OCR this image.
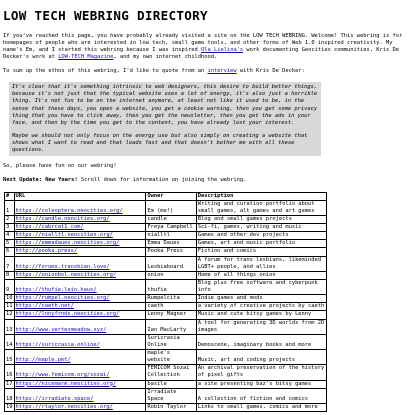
LOW TECH WEBRING DIRECTORY

If you've reached this page, you have probably already visited a site on the LOW TECH WEBRING. Welcome! This webring is for homepages of people who are interested in low tech, small game tools, and other forms of Web 1.0 inspired creativity. My name's Em, and I started this webring because I was inspired Ola Lielina's work documenting Geocities communities, Kris De Decker's work at LOW-TECH Magazine, and my own internet childhood.

To sum up the ethos of this webring, I'd like to quote from an interview with Kris De Decker:

It's clear that it's something intrinsic to web designers, this desire to build better things, because it's not just that the typical website uses a lot of energy, it's also just a horrible thing. It's not fun to be on the internet anymore, at least not like it used to be, in the sense that these days, you open a website, you get a cookie warning, then you get some privacy thing that you have to click away, then you get the newsletter, then you get the ads in your face, and then by the time you get to the content, you have already lost your interest.

Maybe we should not only focus on the energy use but also simply on creating a website that shows what I want to read and that loads fast and that doesn't bother me with all these questions.

So, please have fun on our webring!

Next Update: New Years! Scroll down for information on joining the webring.

#	URL	Owner	Description
1	https://coleoptera.neocities.org/	Em (me!)	Writing and curation portfolio about small games, alt games and art games
2	https://candle.neocities.org/	candle	Blog and small games projects
3	https://cabrcat1.com/	Freya Campbell	Sci-fi, games, writing and music
4	https://nialltl.neocities.org/	nialltl	Games and other dev projects
5	https://emmadaues.neocities.org/	Emma Daues	Games, art and music portfolio
6	http://pooka.press/	Pooka Press	Fiction and comics
7	http://forums.transbian.love/	Lesbiaboard	A forum for trans lesbians, likeminded LGBT+ people, and allies
8	https://onionbol.neocities.org/	onion	Home of all things onion
9	https://thufie.lain.haus/	thufie	Blog plus free software and cyberpunk info
10	https://rumpel.neocities.org/	Rumpelcita	Indie games and mods
11	https://caeth.net/	caeth	a variety of creative projects by caeth
12	https://lnnyfrnds.neocities.org/	Lenny Magner	Music and cute bitsy games by Lenny
13	http://www.vertexmeadow.xyz/	Ian MacLarty	A tool for generating 3D worlds from 2D images
14	https://suricrasia.online/	Suricrasia Online	Demoscene, imaginary books and more
15	http://maple.pet/	maple's website	Music, art and coding projects
16	http://www.femicom.org/sozai/	FEMICOM Sozai Collection	An archival preservation of the history of pixel gifts
17	https://nicemarm.neocities.org/	basile	a site presenting baz's bitsy games
18	https://irradiate.space/	Irradiate Space	A collection of fiction and comics
19	https://rtaylor.neocities.org/	Robin Taylor	Links to small games, comics and more
